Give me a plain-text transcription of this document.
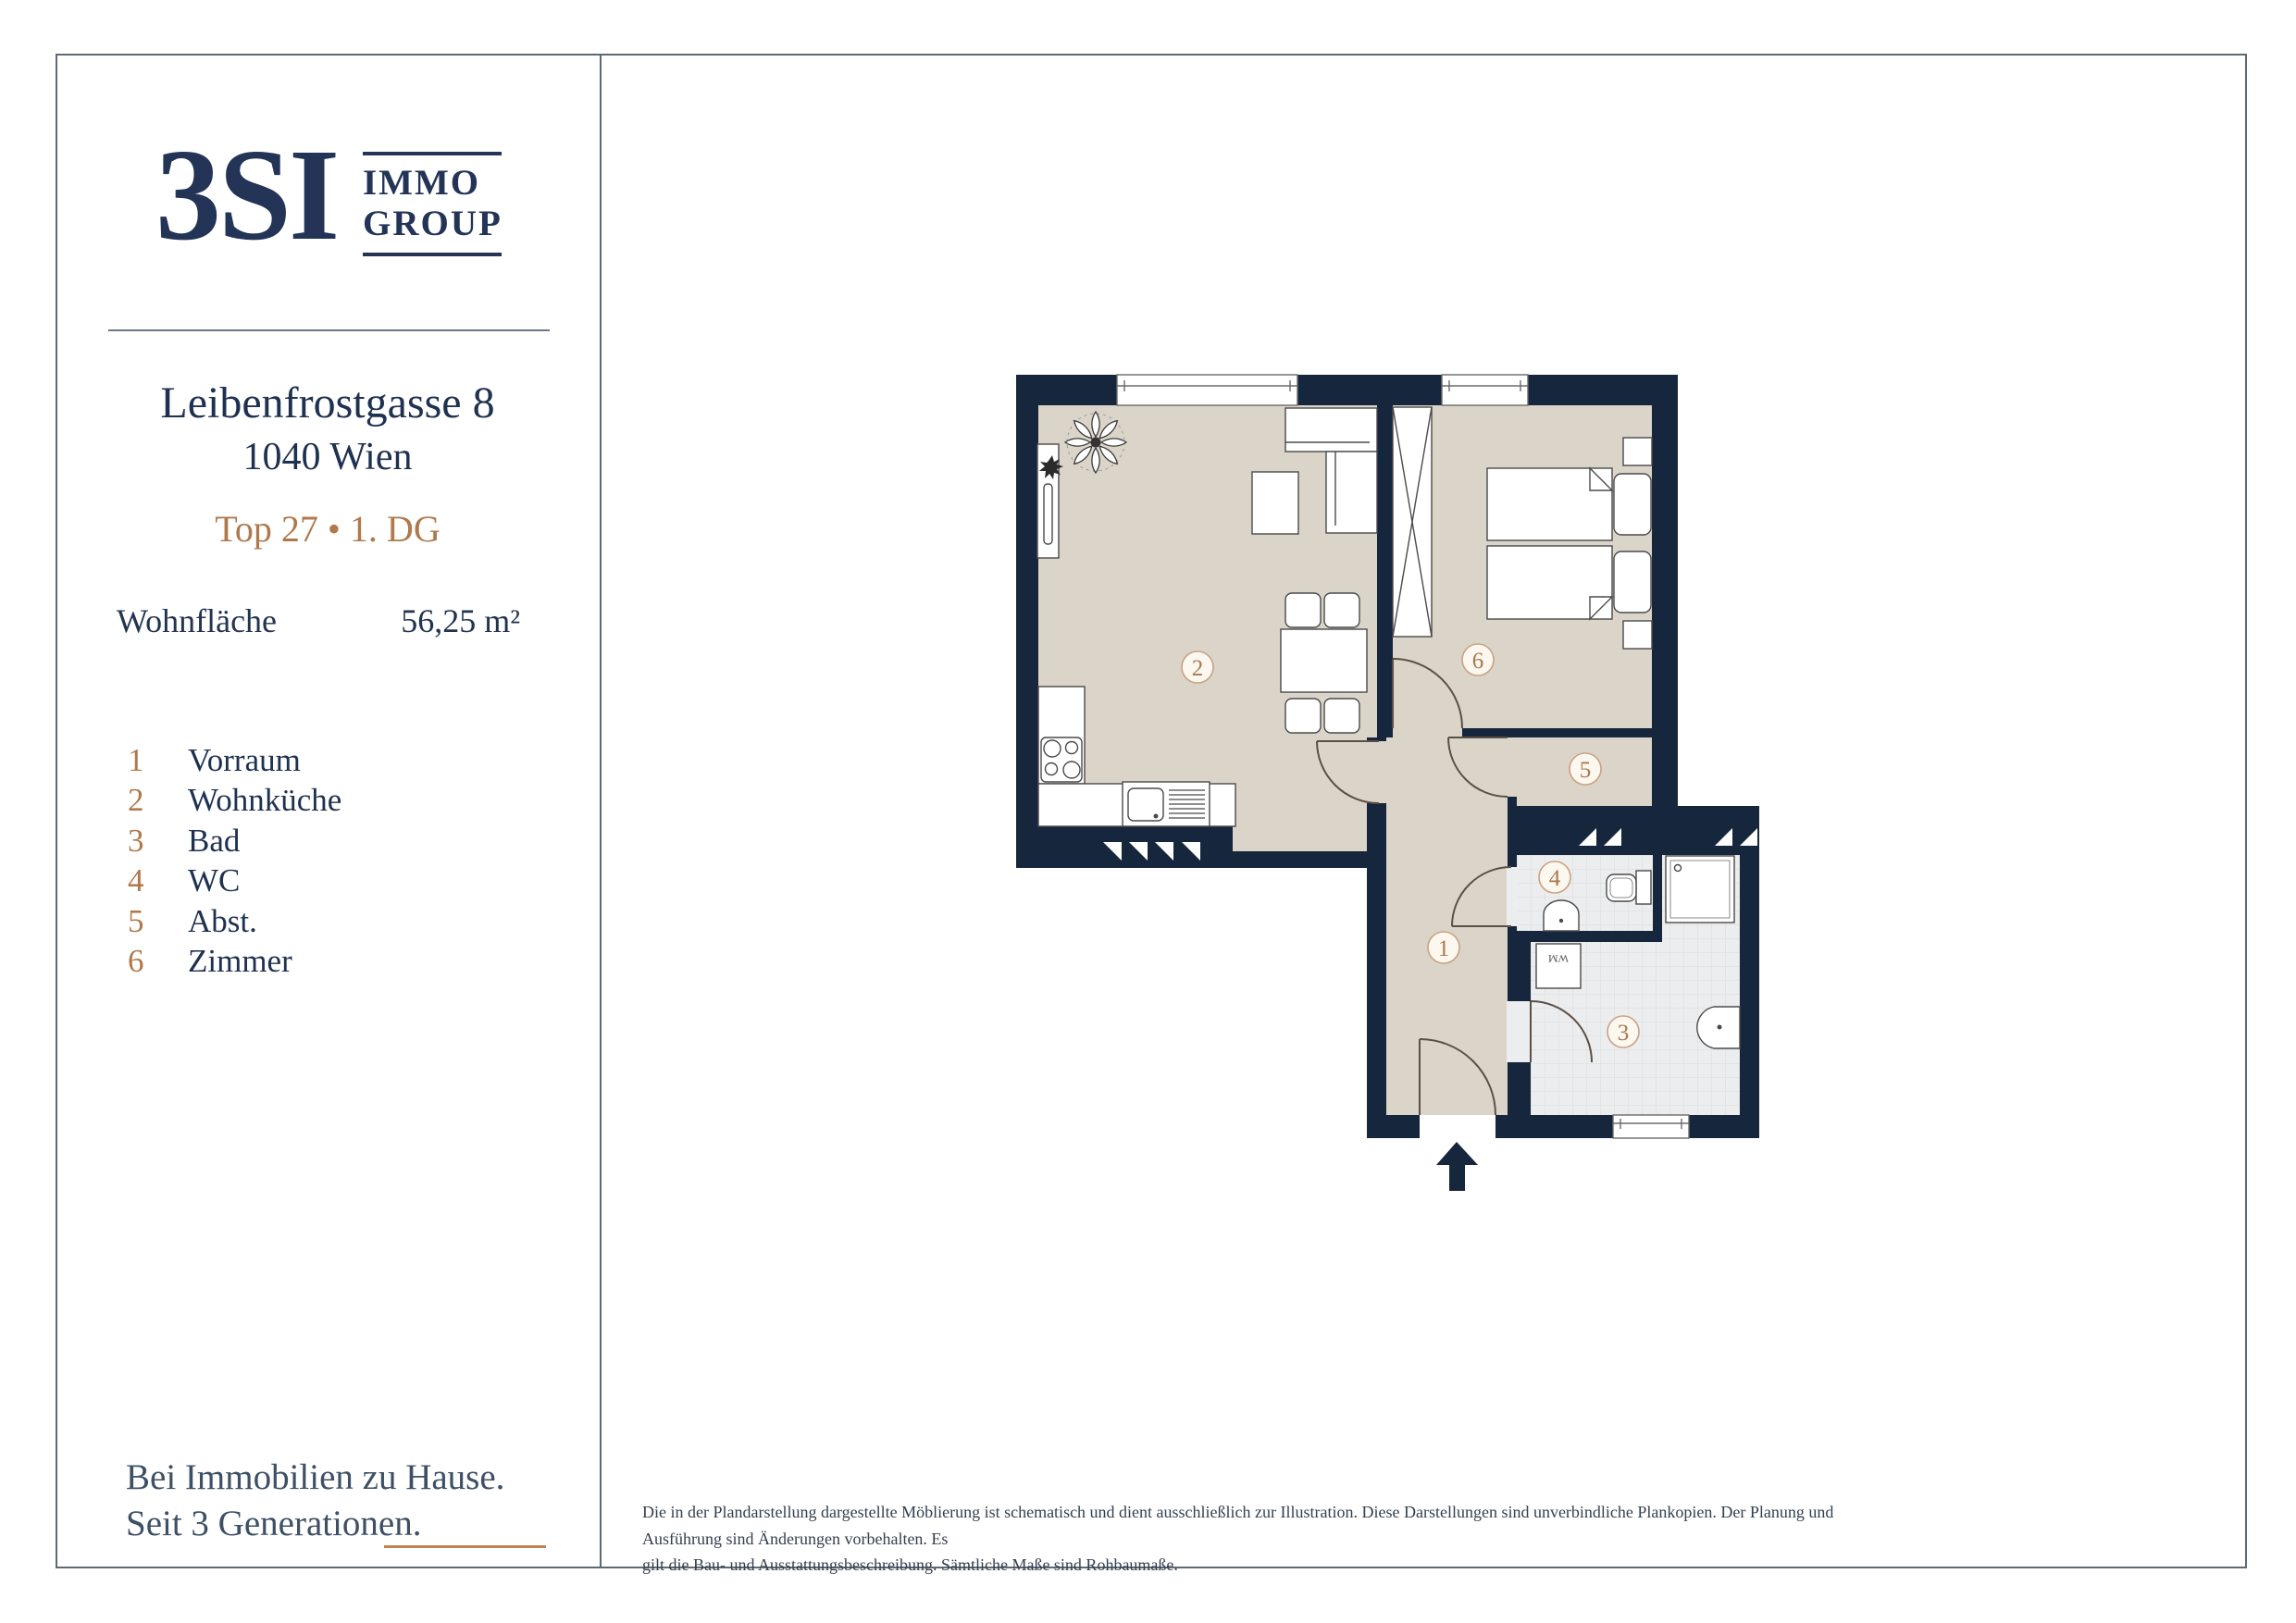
3SI IMMO
GROUP
Leibenfrostgasse 8
1040 Wien
Top 27 • 1. DG
Wohnfläche	56,25 m²
1	Vorraum
2	Wohnküche
3	Bad
4	WC
5	Abst.
6	Zimmer
Bei Immobilien zu Hause.
Seit 3 Generationen.	Die in der Plandarstellung dargestellte Möblierung ist schematisch und dient ausschließlich zur Illustration. Diese Darstellungen sind unverbindliche Plankopien. Der Planung und Ausführung sind Änderungen vorbehalten. Es
gilt die Bau- und Ausstattungsbeschreibung. Sämtliche Maße sind Rohbaumaße.
WM
2	6
5
1
4
3
